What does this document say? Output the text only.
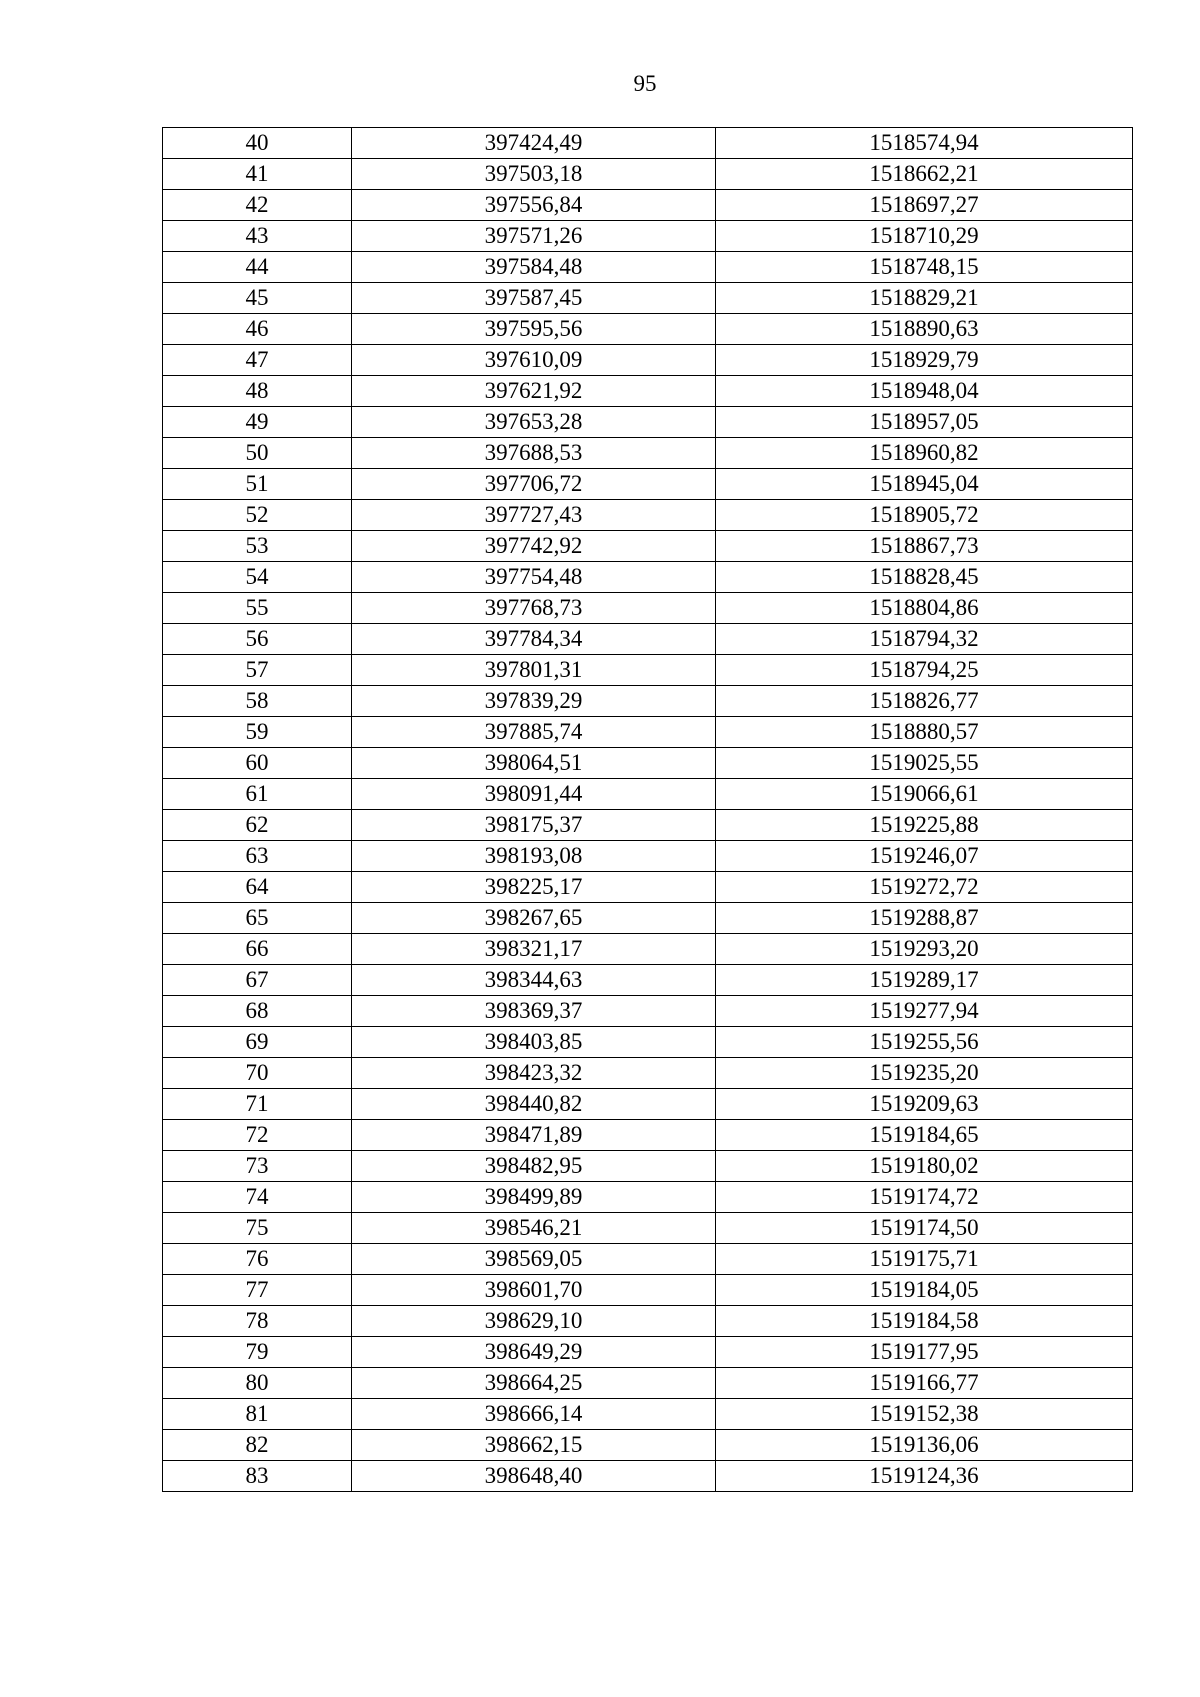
95
40	397424,49	1518574,94
41	397503,18	1518662,21
42	397556,84	1518697,27
43	397571,26	1518710,29
44	397584,48	1518748,15
45	397587,45	1518829,21
46	397595,56	1518890,63
47	397610,09	1518929,79
48	397621,92	1518948,04
49	397653,28	1518957,05
50	397688,53	1518960,82
51	397706,72	1518945,04
52	397727,43	1518905,72
53	397742,92	1518867,73
54	397754,48	1518828,45
55	397768,73	1518804,86
56	397784,34	1518794,32
57	397801,31	1518794,25
58	397839,29	1518826,77
59	397885,74	1518880,57
60	398064,51	1519025,55
61	398091,44	1519066,61
62	398175,37	1519225,88
63	398193,08	1519246,07
64	398225,17	1519272,72
65	398267,65	1519288,87
66	398321,17	1519293,20
67	398344,63	1519289,17
68	398369,37	1519277,94
69	398403,85	1519255,56
70	398423,32	1519235,20
71	398440,82	1519209,63
72	398471,89	1519184,65
73	398482,95	1519180,02
74	398499,89	1519174,72
75	398546,21	1519174,50
76	398569,05	1519175,71
77	398601,70	1519184,05
78	398629,10	1519184,58
79	398649,29	1519177,95
80	398664,25	1519166,77
81	398666,14	1519152,38
82	398662,15	1519136,06
83	398648,40	1519124,36
